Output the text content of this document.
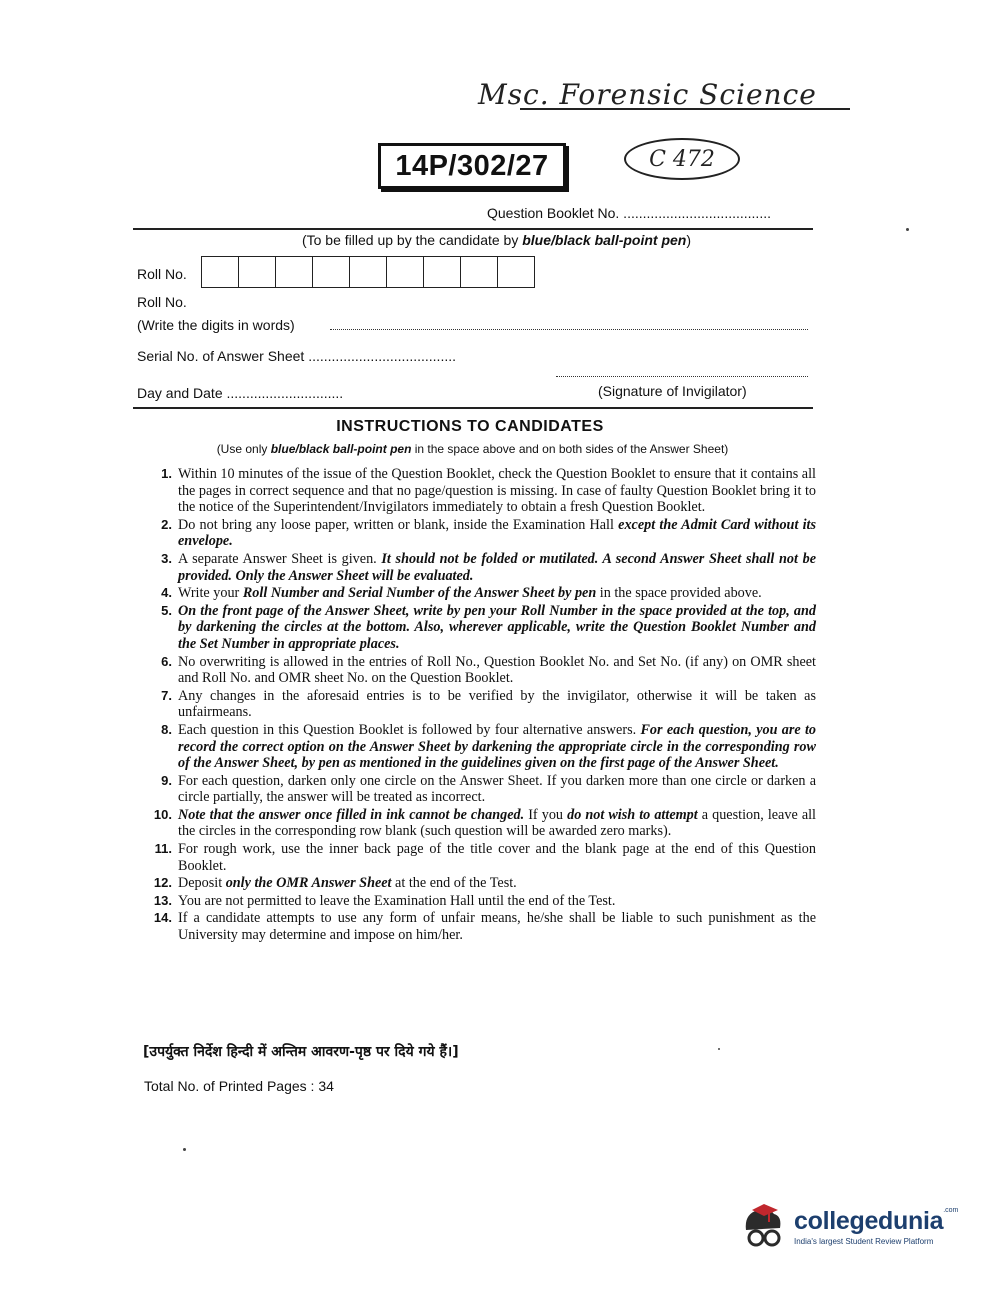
Msc. Forensic Science
14P/302/27	C 472
Question Booklet No. ......................................
(To be filled up by the candidate by blue/black ball-point pen)
Roll No.
Roll No.
(Write the digits in words)
Serial No. of Answer Sheet ......................................
Day and Date ..............................	(Signature of Invigilator)
INSTRUCTIONS TO CANDIDATES
(Use only blue/black ball-point pen in the space above and on both sides of the Answer Sheet)
1. Within 10 minutes of the issue of the Question Booklet, check the Question Booklet to ensure that it contains all the pages in correct sequence and that no page/question is missing. In case of faulty Question Booklet bring it to the notice of the Superintendent/Invigilators immediately to obtain a fresh Question Booklet.
2. Do not bring any loose paper, written or blank, inside the Examination Hall except the Admit Card without its envelope.
3. A separate Answer Sheet is given. It should not be folded or mutilated. A second Answer Sheet shall not be provided. Only the Answer Sheet will be evaluated.
4. Write your Roll Number and Serial Number of the Answer Sheet by pen in the space provided above.
5. On the front page of the Answer Sheet, write by pen your Roll Number in the space provided at the top, and by darkening the circles at the bottom. Also, wherever applicable, write the Question Booklet Number and the Set Number in appropriate places.
6. No overwriting is allowed in the entries of Roll No., Question Booklet No. and Set No. (if any) on OMR sheet and Roll No. and OMR sheet No. on the Question Booklet.
7. Any changes in the aforesaid entries is to be verified by the invigilator, otherwise it will be taken as unfairmeans.
8. Each question in this Question Booklet is followed by four alternative answers. For each question, you are to record the correct option on the Answer Sheet by darkening the appropriate circle in the corresponding row of the Answer Sheet, by pen as mentioned in the guidelines given on the first page of the Answer Sheet.
9. For each question, darken only one circle on the Answer Sheet. If you darken more than one circle or darken a circle partially, the answer will be treated as incorrect.
10. Note that the answer once filled in ink cannot be changed. If you do not wish to attempt a question, leave all the circles in the corresponding row blank (such question will be awarded zero marks).
11. For rough work, use the inner back page of the title cover and the blank page at the end of this Question Booklet.
12. Deposit only the OMR Answer Sheet at the end of the Test.
13. You are not permitted to leave the Examination Hall until the end of the Test.
14. If a candidate attempts to use any form of unfair means, he/she shall be liable to such punishment as the University may determine and impose on him/her.
[उपर्युक्त निर्देश हिन्दी में अन्तिम आवरण-पृष्ठ पर दिये गये हैं।]
Total No. of Printed Pages : 34
collegedunia$^{.com}$
India's largest Student Review Platform
